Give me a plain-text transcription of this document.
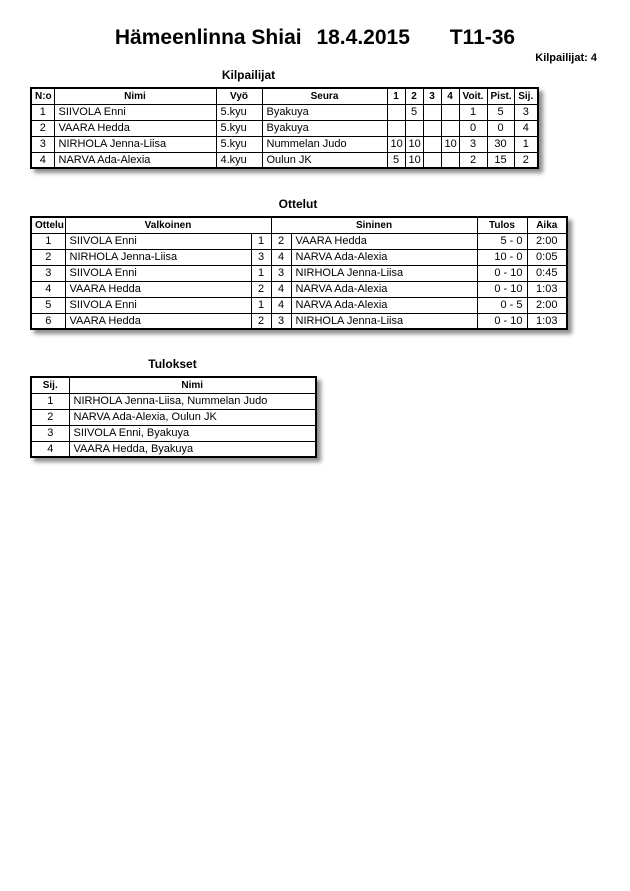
Hämeenlinna Shiai 18.4.2015 T11-36
Kilpailijat: 4
Kilpailijat
N:o	Nimi	Vyö	Seura	1	2	3	4	Voit.	Pist.	Sij.
1	SIIVOLA Enni	5.kyu	Byakuya		5			1	5	3
2	VAARA Hedda	5.kyu	Byakuya					0	0	4
3	NIRHOLA Jenna-Liisa	5.kyu	Nummelan Judo	10	10		10	3	30	1
4	NARVA Ada-Alexia	4.kyu	Oulun JK	5	10			2	15	2
Ottelut
Ottelu	Valkoinen		Sininen		Tulos	Aika
1	SIIVOLA Enni	1	2	VAARA Hedda	5 - 0	2:00
2	NIRHOLA Jenna-Liisa	3	4	NARVA Ada-Alexia	10 - 0	0:05
3	SIIVOLA Enni	1	3	NIRHOLA Jenna-Liisa	0 - 10	0:45
4	VAARA Hedda	2	4	NARVA Ada-Alexia	0 - 10	1:03
5	SIIVOLA Enni	1	4	NARVA Ada-Alexia	0 - 5	2:00
6	VAARA Hedda	2	3	NIRHOLA Jenna-Liisa	0 - 10	1:03
Tulokset
Sij.	Nimi
1	NIRHOLA Jenna-Liisa, Nummelan Judo
2	NARVA Ada-Alexia, Oulun JK
3	SIIVOLA Enni, Byakuya
4	VAARA Hedda, Byakuya
